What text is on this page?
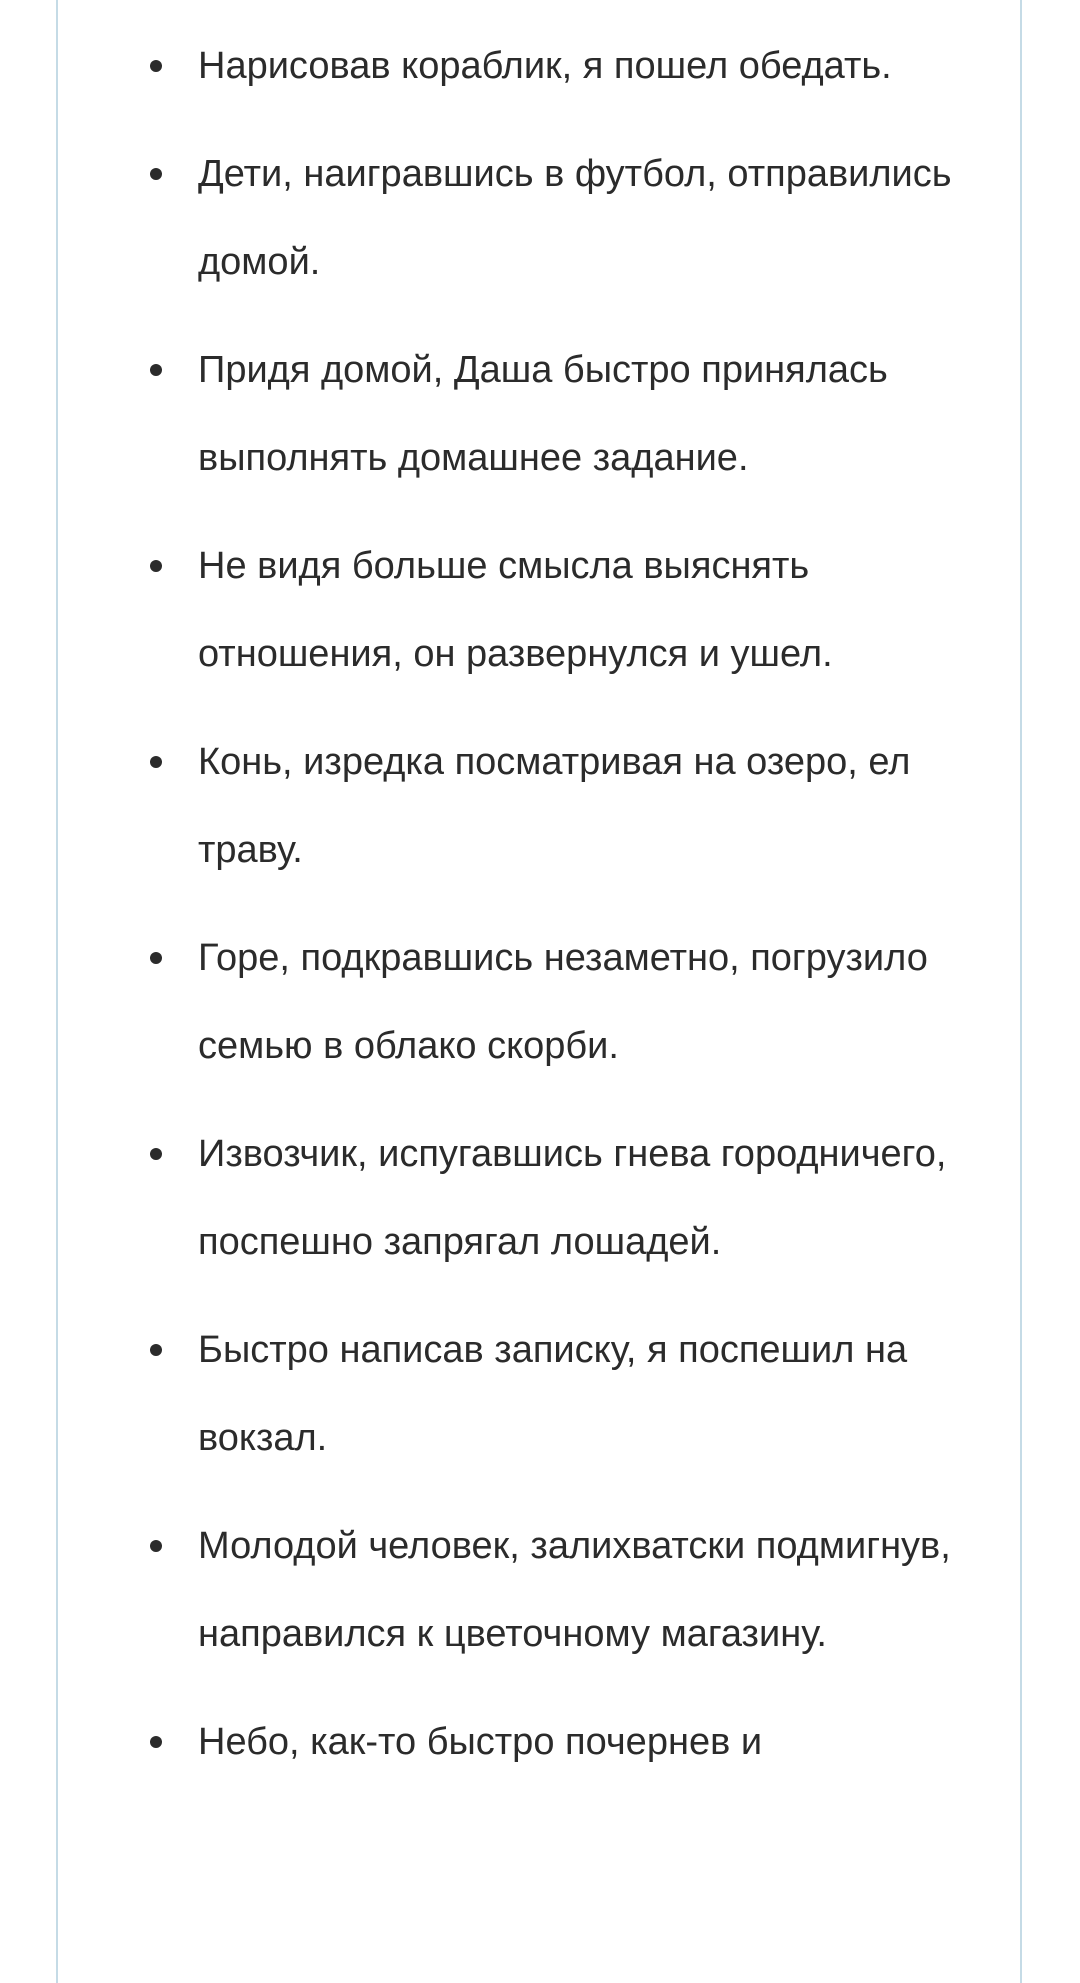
Нарисовав кораблик, я пошел обедать.
Дети, наигравшись в футбол, отправились домой.
Придя домой, Даша быстро принялась выполнять домашнее задание.
Не видя больше смысла выяснять отношения, он развернулся и ушел.
Конь, изредка посматривая на озеро, ел траву.
Горе, подкравшись незаметно, погрузило семью в облако скорби.
Извозчик, испугавшись гнева городничего, поспешно запрягал лошадей.
Быстро написав записку, я поспешил на вокзал.
Молодой человек, залихватски подмигнув, направился к цветочному магазину.
Небо, как-то быстро почернев и
